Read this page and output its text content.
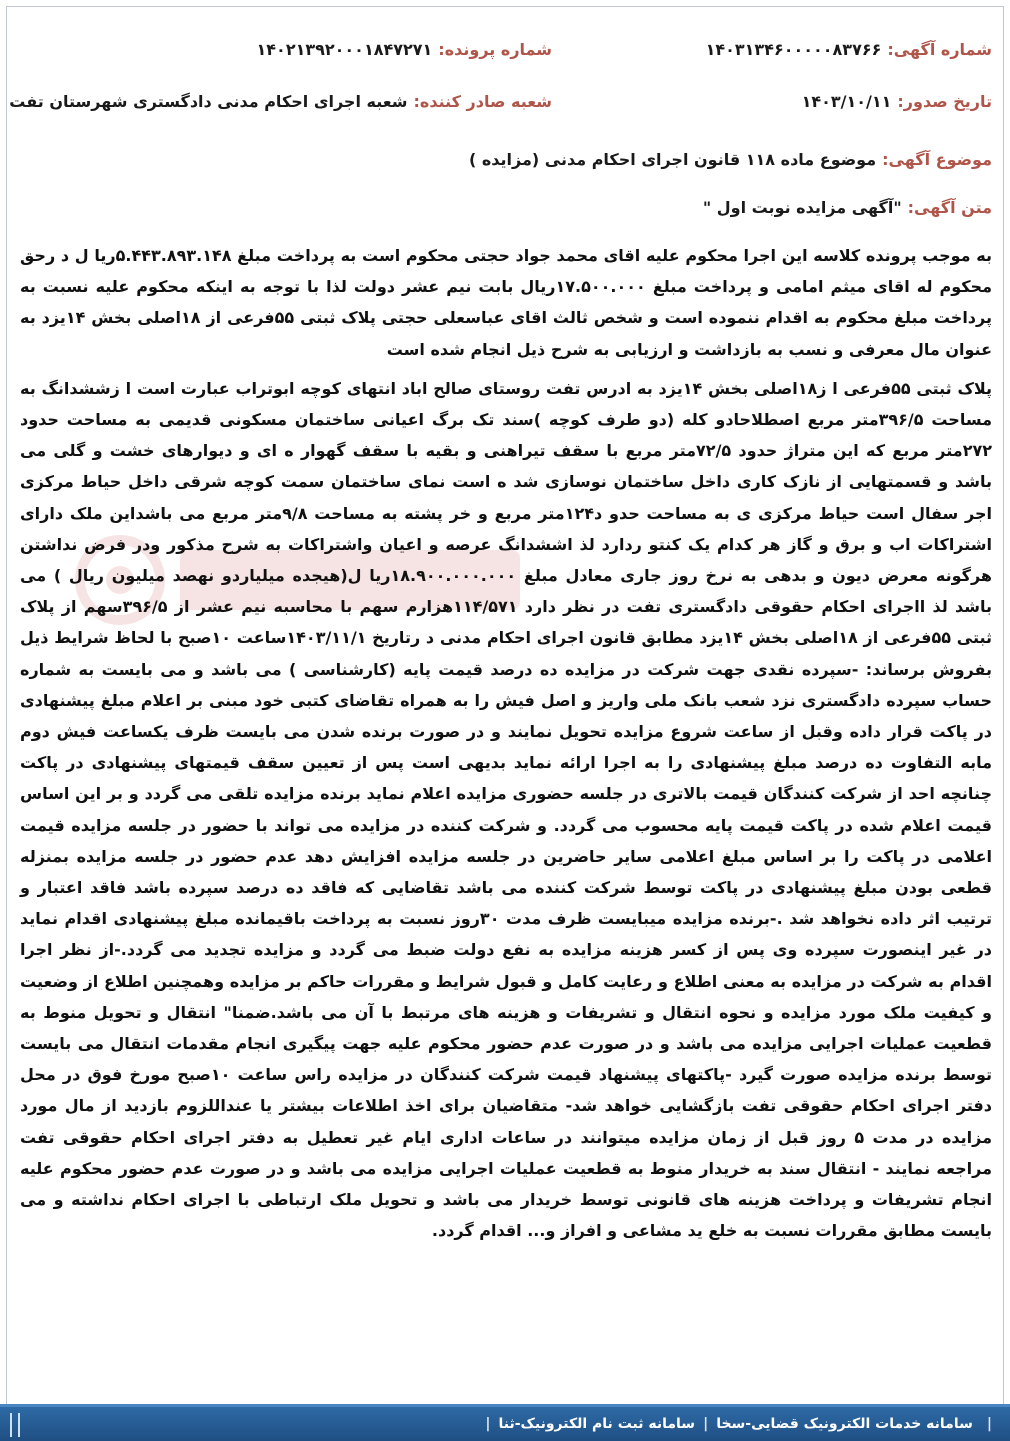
شماره آگهی:
۱۴۰۳۱۳۴۶۰۰۰۰۰۸۳۷۶۶
شماره پرونده:
۱۴۰۲۱۳۹۲۰۰۰۱۸۴۷۲۷۱
تاریخ صدور:
۱۴۰۳/۱۰/۱۱
شعبه صادر کننده:
شعبه اجرای احکام مدنی دادگستری شهرستان تفت
موضوع آگهی:
موضوع ماده ۱۱۸ قانون اجرای احکام مدنی (مزایده )
متن آگهی:
"آگهی مزایده نوبت اول "

به موجب پرونده کلاسه این اجرا محکوم علیه اقای محمد جواد حجتی محکوم است به پرداخت مبلغ ۵.۴۴۳.۸۹۳.۱۴۸ریا ل د رحق محکوم له اقای میثم امامی و پرداخت مبلغ ۱۷.۵۰۰.۰۰۰ریال بابت نیم عشر دولت لذا با توجه به اینکه محکوم علیه نسبت به پرداخت مبلغ محکوم به اقدام ننموده است و شخص ثالث اقای عباسعلی حجتی پلاک ثبتی ۵۵فرعی از ۱۸اصلی بخش ۱۴یزد به عنوان مال معرفی و نسب به بازداشت و ارزیابی به شرح ذیل انجام شده است

پلاک ثبتی ۵۵فرعی ا ز۱۸اصلی بخش ۱۴یزد به ادرس تفت روستای صالح اباد انتهای کوچه ابوتراب عبارت است ا زششدانگ به مساحت ۳۹۶/۵متر مربع اصطلاحادو کله (دو طرف کوچه )سند تک برگ اعیانی ساختمان مسکونی قدیمی به مساحت حدود ۲۷۲متر مربع که این متراژ حدود ۷۲/۵متر مربع با سقف تیراهنی و بقیه با سقف گهوار ه ای و دیوارهای خشت و گلی می باشد و قسمتهایی از نازک کاری داخل ساختمان نوسازی شد ه است نمای ساختمان سمت کوچه شرقی داخل حیاط مرکزی اجر سفال است حیاط مرکزی ی به مساحت حدو د۱۲۴متر مربع و خر پشته به مساحت ۹/۸متر مربع می باشداین ملک دارای اشتراکات اب و برق و گاز هر کدام یک کنتو ردارد لذ اششدانگ عرصه و اعیان واشتراکات به شرح مذکور ودر فرض نداشتن هرگونه معرض دیون و بدهی به نرخ روز جاری معادل مبلغ ۱۸.۹۰۰.۰۰۰.۰۰۰ریا ل(هیجده میلیاردو نهصد میلیون ریال ) می باشد لذ ااجرای احکام حقوقی دادگستری تفت در نظر دارد ۱۱۴/۵۷۱هزارم سهم با محاسبه نیم عشر از ۳۹۶/۵سهم از پلاک ثبتی ۵۵فرعی از ۱۸اصلی بخش ۱۴یزد مطابق قانون اجرای احکام مدنی د رتاریخ ۱۴۰۳/۱۱/۱ساعت ۱۰صبح با لحاظ شرایط ذیل بفروش برساند: -سپرده نقدی جهت شرکت در مزایده ده درصد قیمت پایه (کارشناسی ) می باشد و می بایست به شماره حساب سپرده دادگستری نزد شعب بانک ملی واریز و اصل فیش را به همراه تقاضای کتبی خود مبنی بر اعلام مبلغ پیشنهادی در پاکت قرار داده وقبل از ساعت شروع مزایده تحویل نمایند و در صورت برنده شدن می بایست ظرف یکساعت فیش دوم مابه التفاوت ده درصد مبلغ پیشنهادی را به اجرا ارائه نماید بدیهی است پس از تعیین سقف قیمتهای پیشنهادی در پاکت چنانچه احد از شرکت کنندگان قیمت بالاتری در جلسه حضوری مزایده اعلام نماید برنده مزایده تلقی می گردد و بر این اساس قیمت اعلام شده در پاکت قیمت پایه محسوب می گردد. و شرکت کننده در مزایده می تواند با حضور در جلسه مزایده قیمت اعلامی در پاکت را بر اساس مبلغ اعلامی سایر حاضرین در جلسه مزایده افزایش دهد عدم حضور در جلسه مزایده بمنزله قطعی بودن مبلغ پیشنهادی در پاکت توسط شرکت کننده می باشد تقاضایی که فاقد ده درصد سپرده باشد فاقد اعتبار و ترتیب اثر داده نخواهد شد .-برنده مزایده میبایست ظرف مدت ۳۰روز نسبت به پرداخت باقیمانده مبلغ پیشنهادی اقدام نماید در غیر اینصورت سپرده وی پس از کسر هزینه مزایده به نفع دولت ضبط می گردد و مزایده تجدید می گردد.-از نظر اجرا اقدام به شرکت در مزایده به معنی اطلاع و رعایت کامل و قبول شرایط و مقررات حاکم بر مزایده وهمچنین اطلاع از وضعیت و کیفیت ملک مورد مزایده و نحوه انتقال و تشریفات و هزینه های مرتبط با آن می باشد.ضمنا" انتقال و تحویل منوط به قطعیت عملیات اجرایی مزایده می باشد و در صورت عدم حضور محکوم علیه جهت پیگیری انجام مقدمات انتقال می بایست توسط برنده مزایده صورت گیرد -پاکتهای پیشنهاد قیمت شرکت کنندگان در مزایده راس ساعت ۱۰صبح مورخ فوق در محل دفتر اجرای احکام حقوقی تفت بازگشایی خواهد شد- متقاضیان برای اخذ اطلاعات بیشتر یا عنداللزوم بازدید از مال مورد مزایده در مدت ۵ روز قبل از زمان مزایده میتوانند در ساعات اداری ایام غیر تعطیل به دفتر اجرای احکام حقوقی تفت مراجعه نمایند - انتقال سند به خریدار منوط به قطعیت عملیات اجرایی مزایده می باشد و در صورت عدم حضور محکوم علیه انجام تشریفات و پرداخت هزینه های قانونی توسط خریدار می باشد و تحویل ملک ارتباطی با اجرای احکام نداشته و می بایست مطابق مقررات نسبت به خلع ید مشاعی و افراز و... اقدام گردد.

|
سامانه خدمات الکترونیک قضایی-سخا
|
سامانه ثبت نام الکترونیک-ثنا
|
